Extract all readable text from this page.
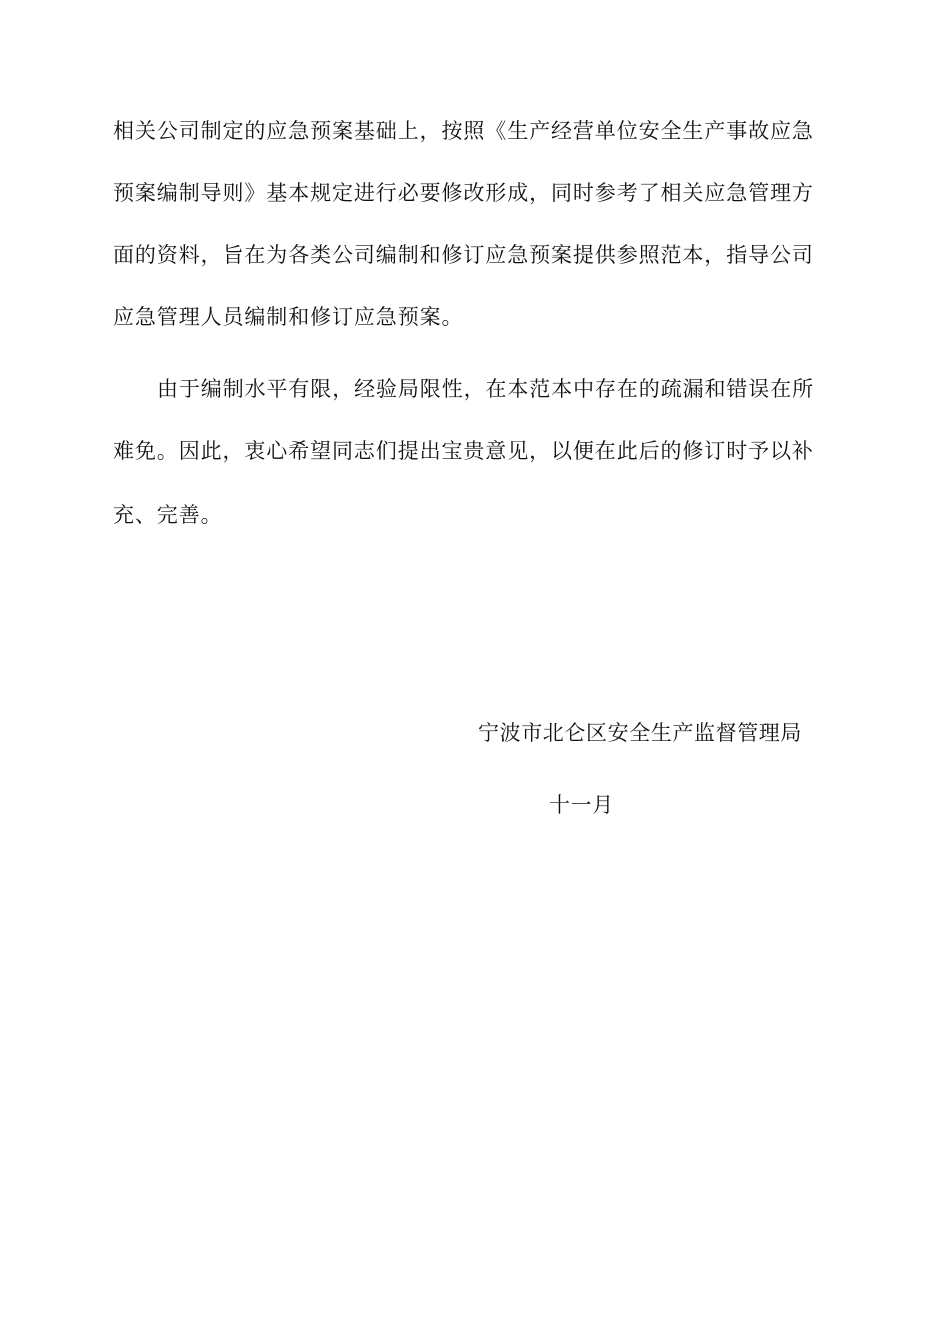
相关公司制定的应急预案基础上，按照《生产经营单位安全生产事故应急
预案编制导则》基本规定进行必要修改形成，同时参考了相关应急管理方
面的资料，旨在为各类公司编制和修订应急预案提供参照范本，指导公司
应急管理人员编制和修订应急预案。
由于编制水平有限，经验局限性，在本范本中存在的疏漏和错误在所
难免。因此，衷心希望同志们提出宝贵意见，以便在此后的修订时予以补
充、完善。
宁波市北仑区安全生产监督管理局
十一月
